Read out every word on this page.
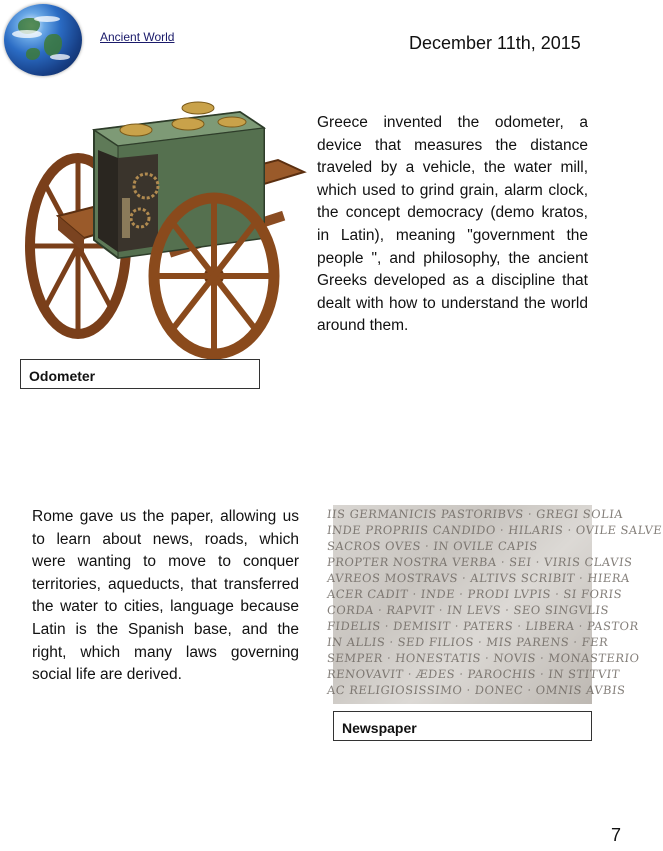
Ancient World	December 11th, 2015
Greece invented the odometer, a device that measures the distance traveled by a vehicle, the water mill, which used to grind grain, alarm clock, the concept democracy (demo kratos, in Latin), meaning "government the people ", and philosophy, the ancient Greeks developed as a discipline that dealt with how to understand the world around them.
Odometer
Rome gave us the paper, allowing us to learn about news, roads, which were wanting to move to conquer territories, aqueducts, that transferred the water to cities, language because Latin is the Spanish base, and the right, which many laws governing social life are derived.
IIS GERMANICIS PASTORIBVS · GREGI SOLIA
INDE PROPRIIS CANDIDO · HILARIS · OVILE SALVE
SACROS OVES · IN OVILE CAPIS
PROPTER NOSTRA VERBA · SEI · VIRIS CLAVIS
AVREOS MOSTRAVS · ALTIVS SCRIBIT · HIERA
ACER CADIT · INDE · PRODI LVPIS · SI FORIS
CORDA · RAPVIT · IN LEVS · SEO SINGVLIS
FIDELIS · DEMISIT · PATERS · LIBERA · PASTOR
IN ALLIS · SED FILIOS · MIS PARENS · FER
SEMPER · HONESTATIS · NOVIS · MONASTERIO
RENOVAVIT · ÆDES · PAROCHIS · IN STITVIT
AC RELIGIOSISSIMO · DONEC · OMNIS AVBIS
Newspaper
7
